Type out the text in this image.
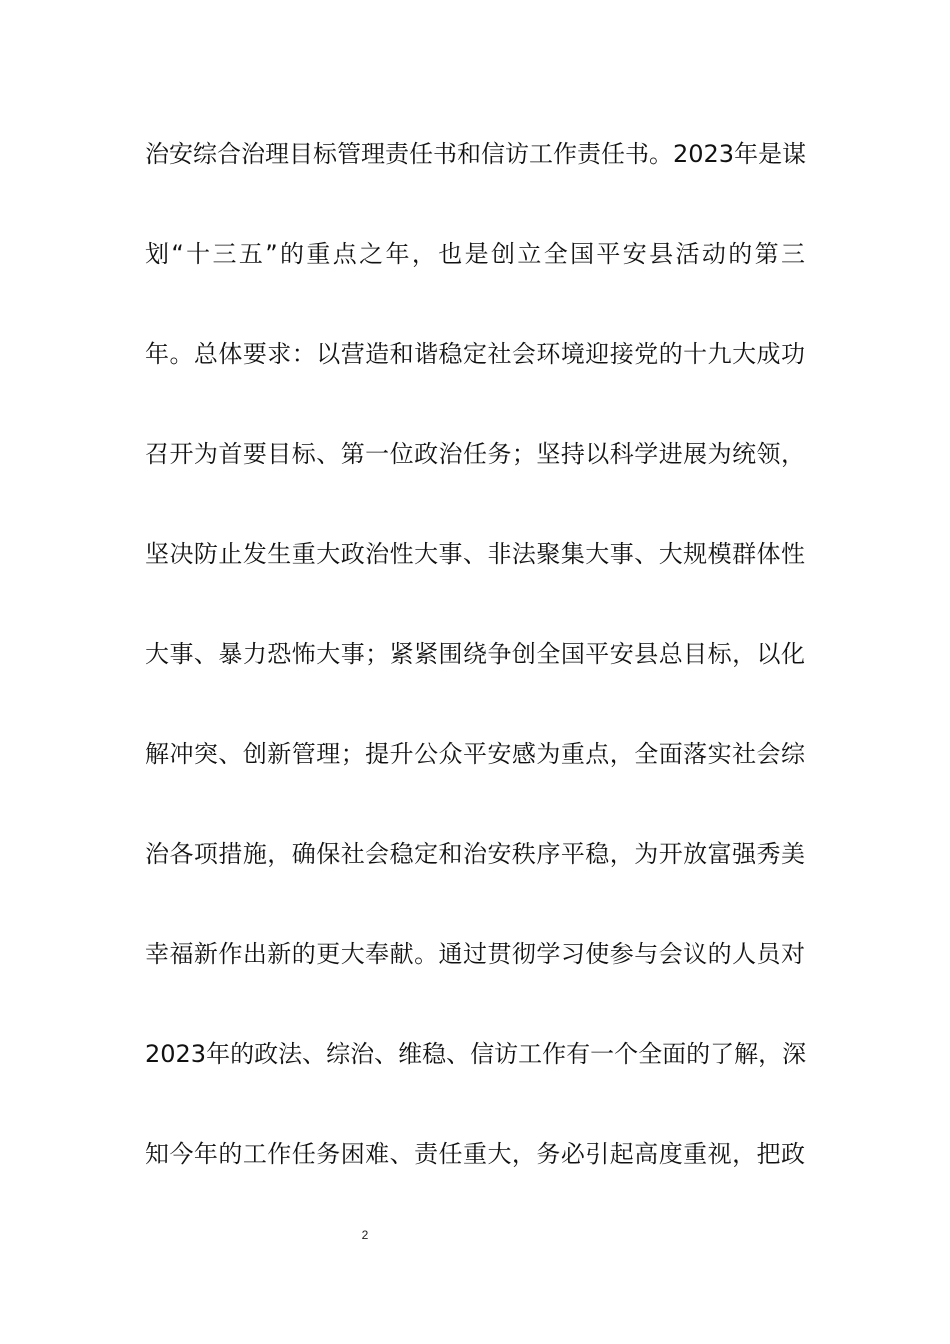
治安综合治理目标管理责任书和信访工作责任书。2023年是谋
划“十三五”的重点之年，也是创立全国平安县活动的第三
年。总体要求：以营造和谐稳定社会环境迎接党的十九大成功
召开为首要目标、第一位政治任务；坚持以科学进展为统领，
坚决防止发生重大政治性大事、非法聚集大事、大规模群体性
大事、暴力恐怖大事；紧紧围绕争创全国平安县总目标，以化
解冲突、创新管理；提升公众平安感为重点，全面落实社会综
治各项措施，确保社会稳定和治安秩序平稳，为开放富强秀美
幸福新作出新的更大奉献。通过贯彻学习使参与会议的人员对
2023年的政法、综治、维稳、信访工作有一个全面的了解，深
知今年的工作任务困难、责任重大，务必引起高度重视，把政
2
